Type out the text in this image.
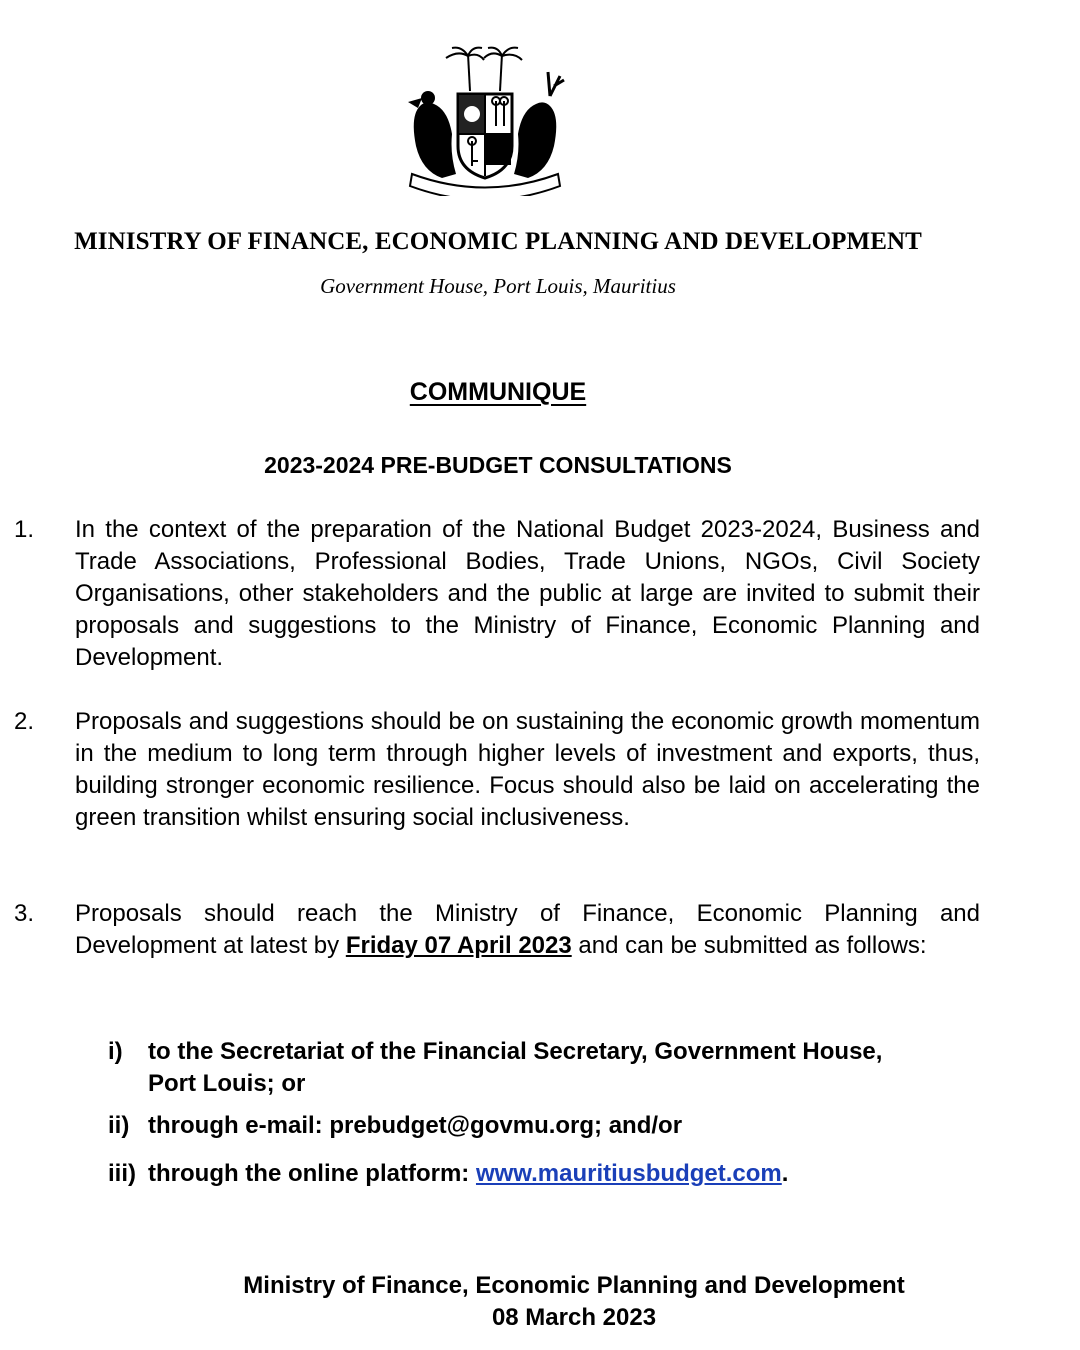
MINISTRY OF FINANCE, ECONOMIC PLANNING AND DEVELOPMENT
Government House, Port Louis, Mauritius
COMMUNIQUE
2023-2024 PRE-BUDGET CONSULTATIONS
1. In the context of the preparation of the National Budget 2023-2024, Business and Trade Associations, Professional Bodies, Trade Unions, NGOs, Civil Society Organisations, other stakeholders and the public at large are invited to submit their proposals and suggestions to the Ministry of Finance, Economic Planning and Development.
2. Proposals and suggestions should be on sustaining the economic growth momentum in the medium to long term through higher levels of investment and exports, thus, building stronger economic resilience. Focus should also be laid on accelerating the green transition whilst ensuring social inclusiveness.
3. Proposals should reach the Ministry of Finance, Economic Planning and Development at latest by Friday 07 April 2023 and can be submitted as follows:
i) to the Secretariat of the Financial Secretary, Government House, Port Louis; or
ii) through e-mail: prebudget@govmu.org; and/or
iii) through the online platform: www.mauritiusbudget.com.
Ministry of Finance, Economic Planning and Development
08 March 2023
